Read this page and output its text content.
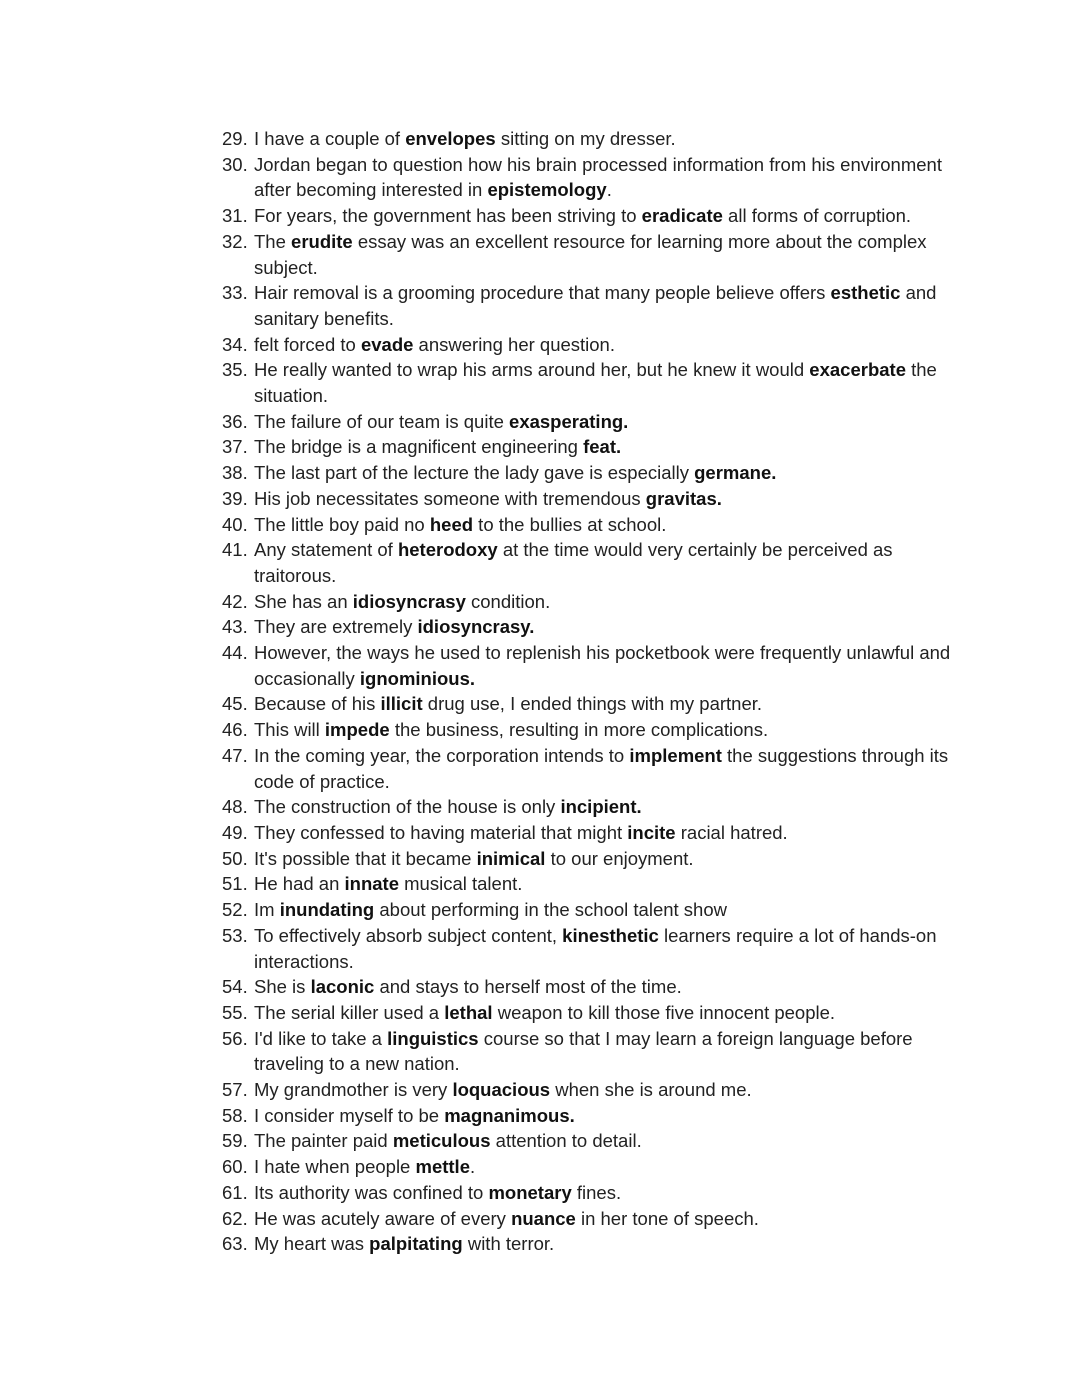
29. I have a couple of envelopes sitting on my dresser.
30. Jordan began to question how his brain processed information from his environment after becoming interested in epistemology.
31. For years, the government has been striving to eradicate all forms of corruption.
32. The erudite essay was an excellent resource for learning more about the complex subject.
33. Hair removal is a grooming procedure that many people believe offers esthetic and sanitary benefits.
34. felt forced to evade answering her question.
35. He really wanted to wrap his arms around her, but he knew it would exacerbate the situation.
36. The failure of our team is quite exasperating.
37. The bridge is a magnificent engineering feat.
38. The last part of the lecture the lady gave is especially germane.
39. His job necessitates someone with tremendous gravitas.
40. The little boy paid no heed to the bullies at school.
41. Any statement of heterodoxy at the time would very certainly be perceived as traitorous.
42. She has an idiosyncrasy condition.
43. They are extremely idiosyncrasy.
44. However, the ways he used to replenish his pocketbook were frequently unlawful and occasionally ignominious.
45. Because of his illicit drug use, I ended things with my partner.
46. This will impede the business, resulting in more complications.
47. In the coming year, the corporation intends to implement the suggestions through its code of practice.
48. The construction of the house is only incipient.
49. They confessed to having material that might incite racial hatred.
50. It's possible that it became inimical to our enjoyment.
51. He had an innate musical talent.
52. Im inundating about performing in the school talent show
53. To effectively absorb subject content, kinesthetic learners require a lot of hands-on interactions.
54. She is laconic and stays to herself most of the time.
55. The serial killer used a lethal weapon to kill those five innocent people.
56. I'd like to take a linguistics course so that I may learn a foreign language before traveling to a new nation.
57. My grandmother is very loquacious when she is around me.
58. I consider myself to be magnanimous.
59. The painter paid meticulous attention to detail.
60. I hate when people mettle.
61. Its authority was confined to monetary fines.
62. He was acutely aware of every nuance in her tone of speech.
63. My heart was palpitating with terror.
